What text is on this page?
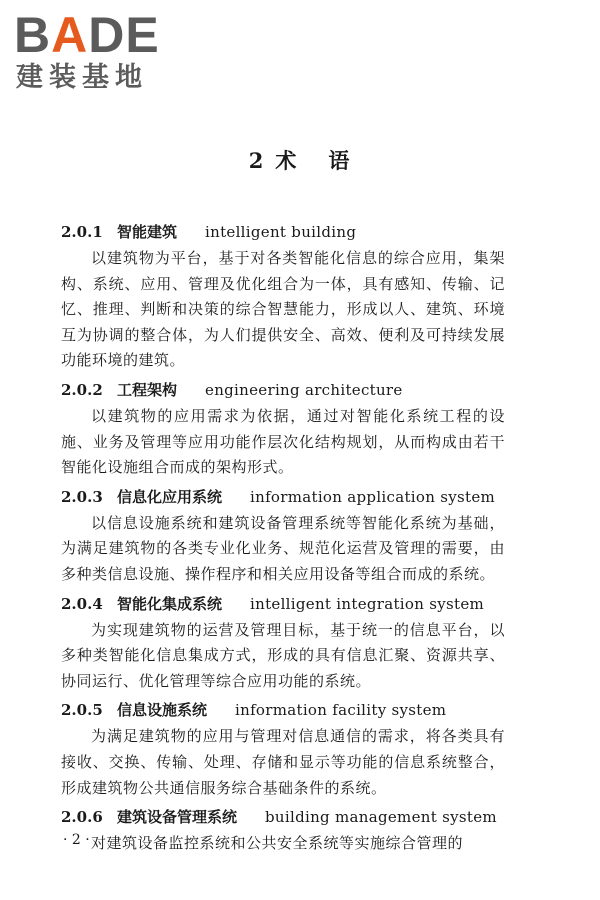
BADE
建装基地
2 术 语

2.0.1 智能建筑 intelligent building

以建筑物为平台，基于对各类智能化信息的综合应用，集架构、系统、应用、管理及优化组合为一体，具有感知、传输、记忆、推理、判断和决策的综合智慧能力，形成以人、建筑、环境互为协调的整合体，为人们提供安全、高效、便利及可持续发展功能环境的建筑。

2.0.2 工程架构 engineering architecture

以建筑物的应用需求为依据，通过对智能化系统工程的设施、业务及管理等应用功能作层次化结构规划，从而构成由若干智能化设施组合而成的架构形式。

2.0.3 信息化应用系统 information application system

以信息设施系统和建筑设备管理系统等智能化系统为基础，为满足建筑物的各类专业化业务、规范化运营及管理的需要，由多种类信息设施、操作程序和相关应用设备等组合而成的系统。

2.0.4 智能化集成系统 intelligent integration system

为实现建筑物的运营及管理目标，基于统一的信息平台，以多种类智能化信息集成方式，形成的具有信息汇聚、资源共享、协同运行、优化管理等综合应用功能的系统。

2.0.5 信息设施系统 information facility system

为满足建筑物的应用与管理对信息通信的需求，将各类具有接收、交换、传输、处理、存储和显示等功能的信息系统整合，形成建筑物公共通信服务综合基础条件的系统。

2.0.6 建筑设备管理系统 building management system

对建筑设备监控系统和公共安全系统等实施综合管理的

· 2 ·
